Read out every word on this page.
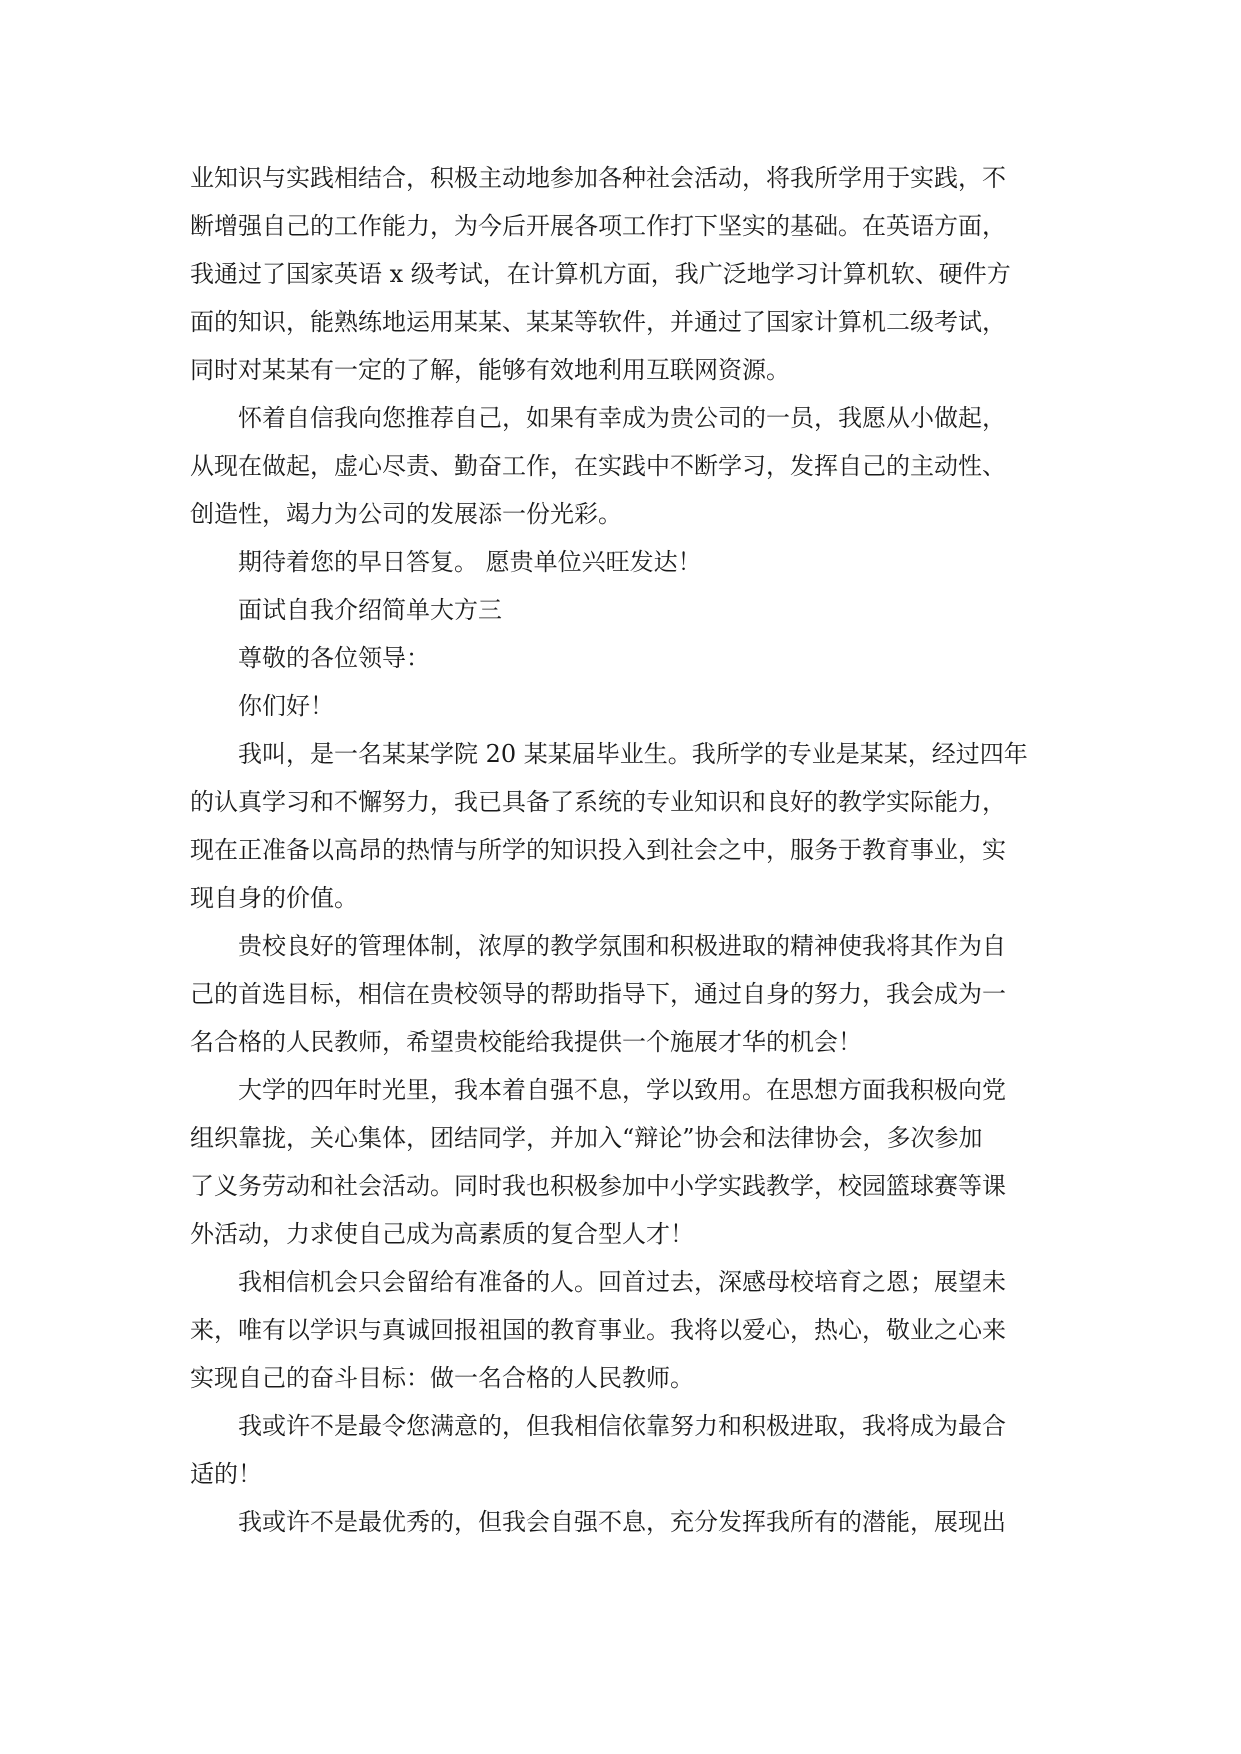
业知识与实践相结合，积极主动地参加各种社会活动，将我所学用于实践，不
断增强自己的工作能力，为今后开展各项工作打下坚实的基础。在英语方面，
我通过了国家英语 x 级考试，在计算机方面，我广泛地学习计算机软、硬件方
面的知识，能熟练地运用某某、某某等软件，并通过了国家计算机二级考试，
同时对某某有一定的了解，能够有效地利用互联网资源。
怀着自信我向您推荐自己，如果有幸成为贵公司的一员，我愿从小做起，
从现在做起，虚心尽责、勤奋工作，在实践中不断学习，发挥自己的主动性、
创造性，竭力为公司的发展添一份光彩。
期待着您的早日答复。 愿贵单位兴旺发达！
面试自我介绍简单大方三
尊敬的各位领导：
你们好！
我叫，是一名某某学院 20 某某届毕业生。我所学的专业是某某，经过四年
的认真学习和不懈努力，我已具备了系统的专业知识和良好的教学实际能力，
现在正准备以高昂的热情与所学的知识投入到社会之中，服务于教育事业，实
现自身的价值。
贵校良好的管理体制，浓厚的教学氛围和积极进取的精神使我将其作为自
己的首选目标，相信在贵校领导的帮助指导下，通过自身的努力，我会成为一
名合格的人民教师，希望贵校能给我提供一个施展才华的机会！
大学的四年时光里，我本着自强不息，学以致用。在思想方面我积极向党
组织靠拢，关心集体，团结同学，并加入“辩论”协会和法律协会，多次参加
了义务劳动和社会活动。同时我也积极参加中小学实践教学，校园篮球赛等课
外活动，力求使自己成为高素质的复合型人才！
我相信机会只会留给有准备的人。回首过去，深感母校培育之恩；展望未
来，唯有以学识与真诚回报祖国的教育事业。我将以爱心，热心，敬业之心来
实现自己的奋斗目标：做一名合格的人民教师。
我或许不是最令您满意的，但我相信依靠努力和积极进取，我将成为最合
适的！
我或许不是最优秀的，但我会自强不息，充分发挥我所有的潜能，展现出
